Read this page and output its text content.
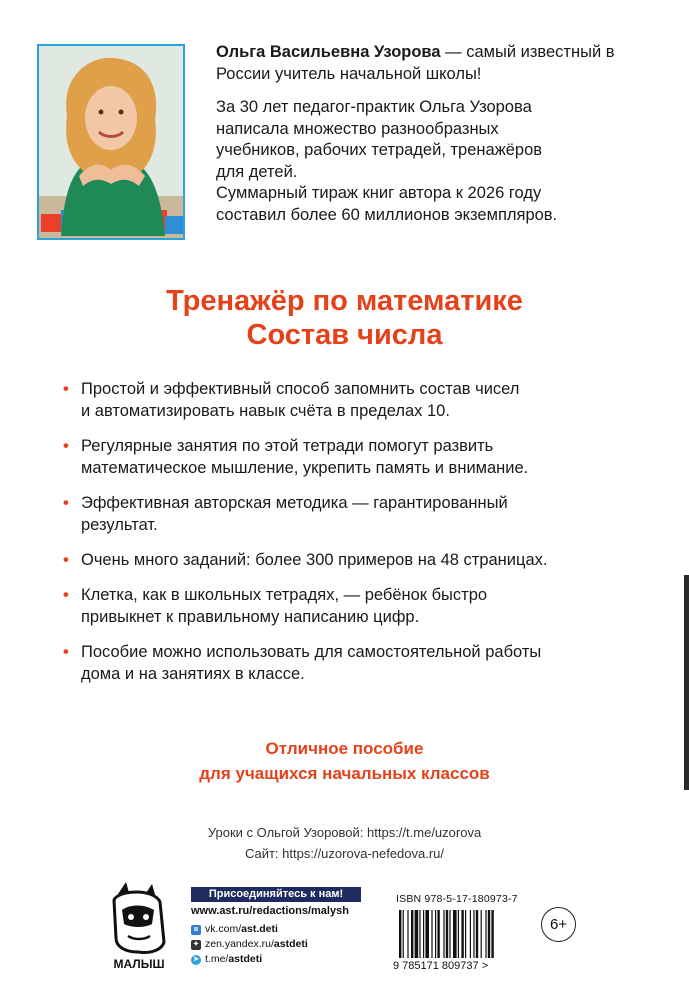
Ольга Васильевна Узорова — самый известный в России учитель начальной школы!

За 30 лет педагог-практик Ольга Узорова
написала множество разнообразных
учебников, рабочих тетрадей, тренажёров
для детей.
Суммарный тираж книг автора к 2026 году
составил более 60 миллионов экземпляров.

Тренажёр по математике
Состав числа
• Простой и эффективный способ запомнить состав чисел
и автоматизировать навык счёта в пределах 10.
• Регулярные занятия по этой тетради помогут развить
математическое мышление, укрепить память и внимание.
• Эффективная авторская методика — гарантированный
результат.
• Очень много заданий: более 300 примеров на 48 страницах.
• Клетка, как в школьных тетрадях, — ребёнок быстро
привыкнет к правильному написанию цифр.
• Пособие можно использовать для самостоятельной работы
дома и на занятиях в классе.
Отличное пособие
для учащихся начальных классов
Уроки с Ольгой Узоровой: https://t.me/uzorova
Сайт: https://uzorova-nefedova.ru/
МАЛЫШ
Присоединяйтесь к нам!
www.ast.ru/redactions/malysh
в vk.com/ ast.deti
✦ zen.yandex.ru/ astdeti
➤ t.me/ astdeti
ISBN 978-5-17-180973-7
9 785171 809737 >
6+
